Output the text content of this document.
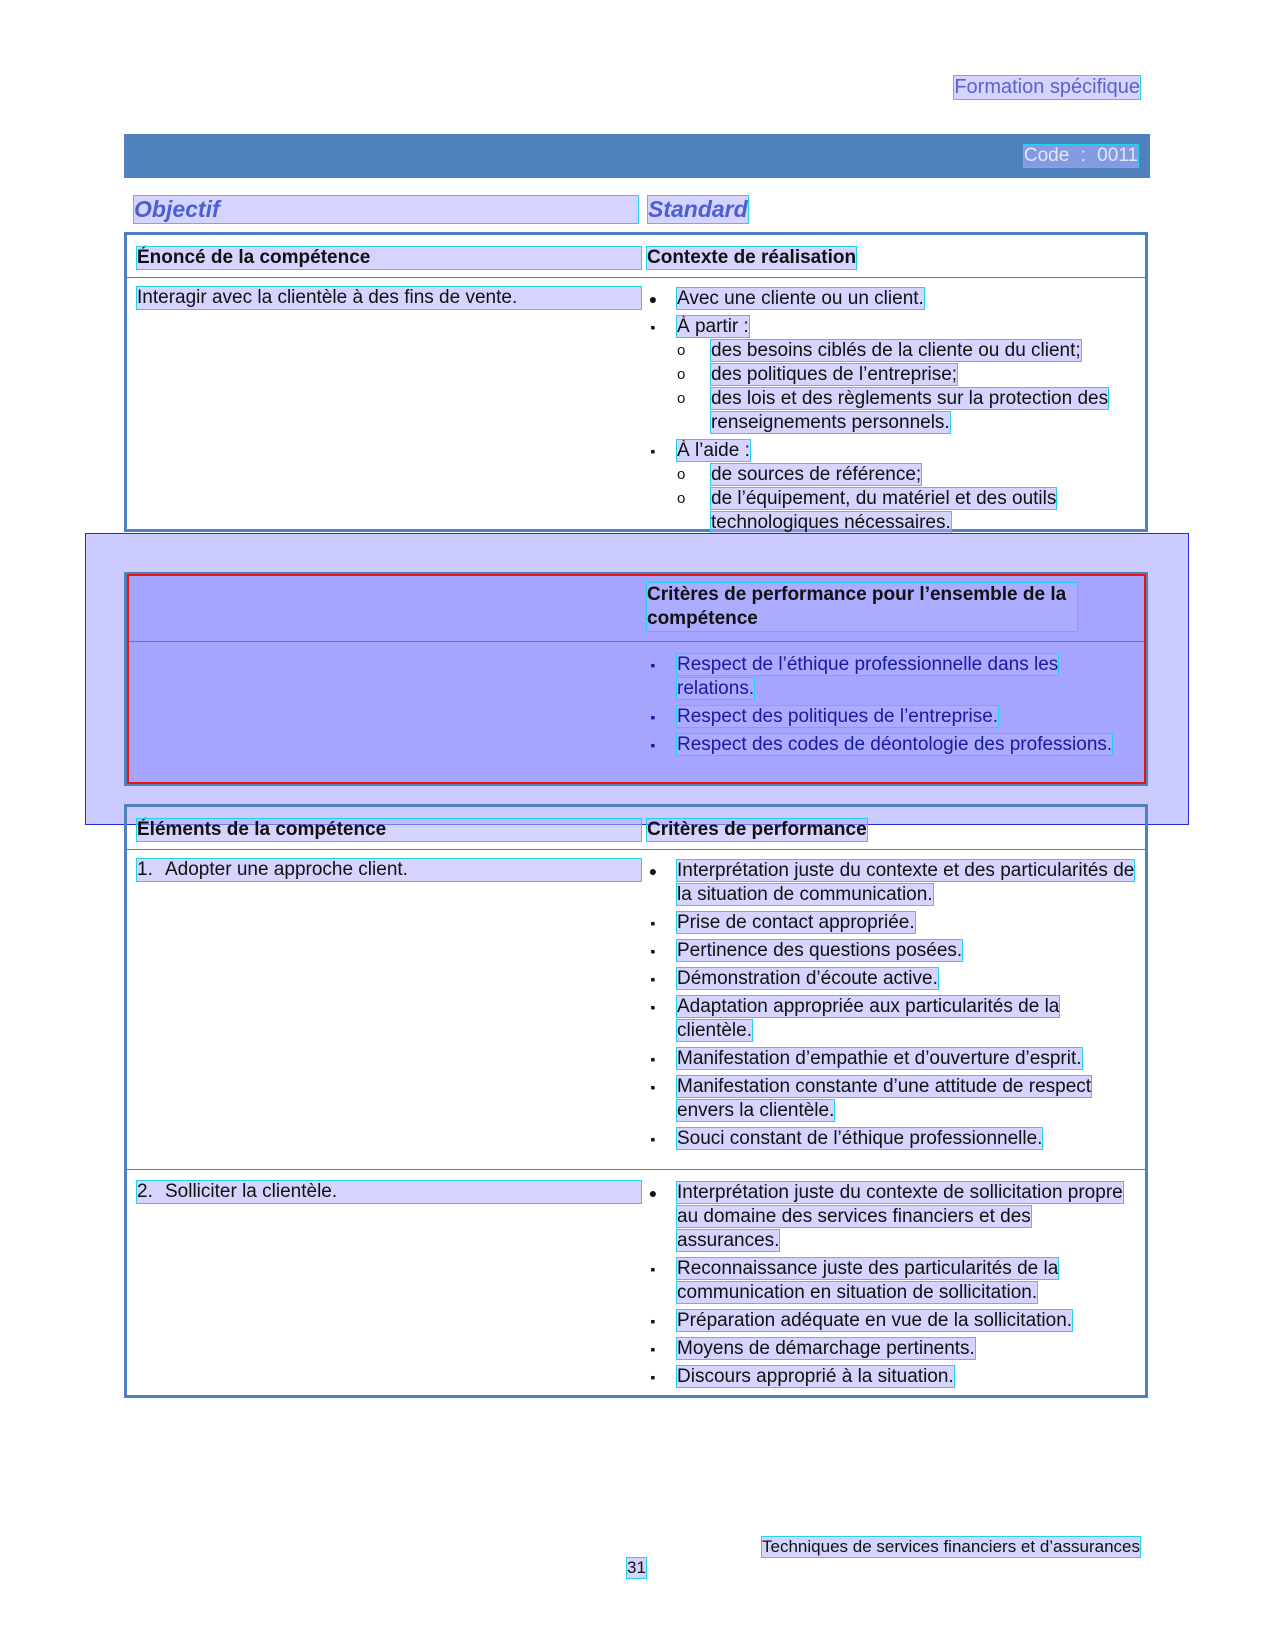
Formation spécifique
Code : 0011
Objectif	Standard
Énoncé de la compétence	Contexte de réalisation
Interagir avec la clientèle à des fins de vente.	● Avec une cliente ou un client.
▪ À partir :
o des besoins ciblés de la cliente ou du client;
o des politiques de l’entreprise;
o des lois et des règlements sur la protection des renseignements personnels.
▪ À l’aide :
o de sources de référence;
o de l’équipement, du matériel et des outils technologiques nécessaires.
Critères de performance pour l’ensemble de la compétence
▪ Respect de l’éthique professionnelle dans les relations.
▪ Respect des politiques de l’entreprise.
▪ Respect des codes de déontologie des professions.
Éléments de la compétence	Critères de performance
1. Adopter une approche client.	● Interprétation juste du contexte et des particularités de la situation de communication.
▪ Prise de contact appropriée.
▪ Pertinence des questions posées.
▪ Démonstration d’écoute active.
▪ Adaptation appropriée aux particularités de la clientèle.
▪ Manifestation d’empathie et d’ouverture d’esprit.
▪ Manifestation constante d’une attitude de respect envers la clientèle.
▪ Souci constant de l’éthique professionnelle.
2. Solliciter la clientèle.	● Interprétation juste du contexte de sollicitation propre au domaine des services financiers et des assurances.
▪ Reconnaissance juste des particularités de la communication en situation de sollicitation.
▪ Préparation adéquate en vue de la sollicitation.
▪ Moyens de démarchage pertinents.
▪ Discours approprié à la situation.
Techniques de services financiers et d’assurances
31
